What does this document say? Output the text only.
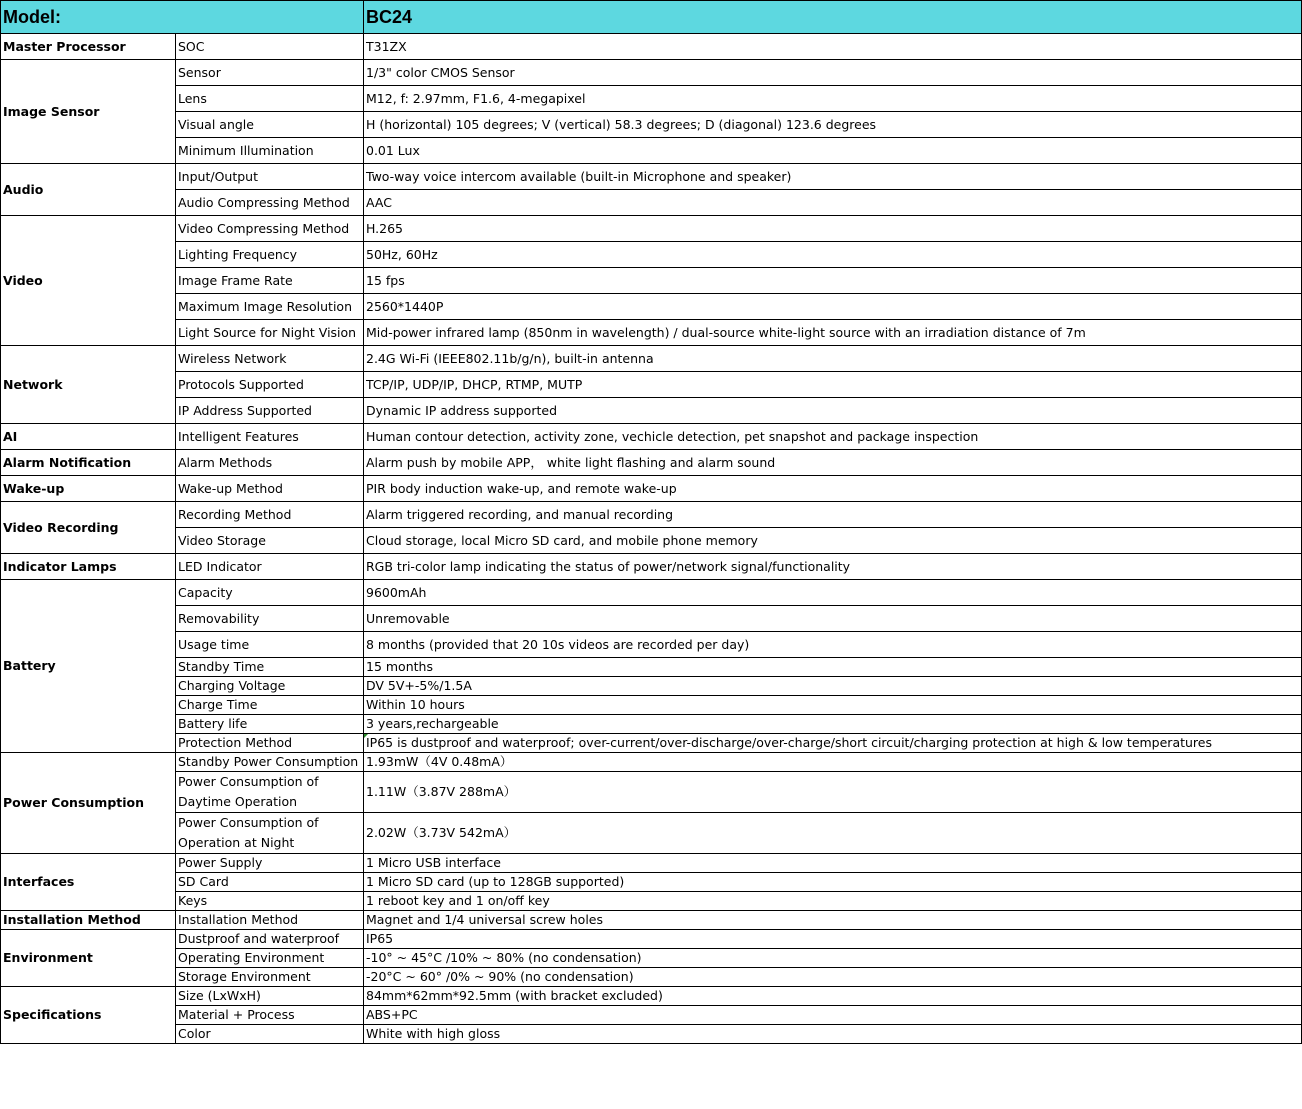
Model:		BC24
Master Processor	SOC	T31ZX
Image Sensor	Sensor	1/3" color CMOS Sensor
	Lens	M12, f: 2.97mm, F1.6, 4-megapixel
	Visual angle	H (horizontal) 105 degrees; V (vertical) 58.3 degrees; D (diagonal) 123.6 degrees
	Minimum Illumination	0.01 Lux
Audio	Input/Output	Two-way voice intercom available (built-in Microphone and speaker)
	Audio Compressing Method	AAC
Video	Video Compressing Method	H.265
	Lighting Frequency	50Hz, 60Hz
	Image Frame Rate	15 fps
	Maximum Image Resolution	2560*1440P
	Light Source for Night Vision	Mid-power infrared lamp (850nm in wavelength) / dual-source white-light source with an irradiation distance of 7m
Network	Wireless Network	2.4G Wi-Fi (IEEE802.11b/g/n), built-in antenna
	Protocols Supported	TCP/IP, UDP/IP, DHCP, RTMP, MUTP
	IP Address Supported	Dynamic IP address supported
AI	Intelligent Features	Human contour detection, activity zone, vechicle detection, pet snapshot and package inspection
Alarm Notification	Alarm Methods	Alarm push by mobile APP， white light flashing and alarm sound
Wake-up	Wake-up Method	PIR body induction wake-up, and remote wake-up
Video Recording	Recording Method	Alarm triggered recording, and manual recording
	Video Storage	Cloud storage, local Micro SD card, and mobile phone memory
Indicator Lamps	LED Indicator	RGB tri-color lamp indicating the status of power/network signal/functionality
Battery	Capacity	9600mAh
	Removability	Unremovable
	Usage time	8 months (provided that 20 10s videos are recorded per day)
	Standby Time	15 months
	Charging Voltage	DV 5V+-5%/1.5A
	Charge Time	Within 10 hours
	Battery life	3 years,rechargeable
	Protection Method	IP65 is dustproof and waterproof; over-current/over-discharge/over-charge/short circuit/charging protection at high & low temperatures
Power Consumption	Standby Power Consumption	1.93mW（4V 0.48mA）
	Power Consumption of Daytime Operation	1.11W（3.87V 288mA）
	Power Consumption of Operation at Night	2.02W（3.73V 542mA）
Interfaces	Power Supply	1 Micro USB interface
	SD Card	1 Micro SD card (up to 128GB supported)
	Keys	1 reboot key and 1 on/off key
Installation Method	Installation Method	Magnet and 1/4 universal screw holes
Environment	Dustproof and waterproof	IP65
	Operating Environment	-10° ~ 45°C /10% ~ 80% (no condensation)
	Storage Environment	-20°C ~ 60° /0% ~ 90% (no condensation)
Specifications	Size (LxWxH)	84mm*62mm*92.5mm (with bracket excluded)
	Material + Process	ABS+PC
	Color	White with high gloss
